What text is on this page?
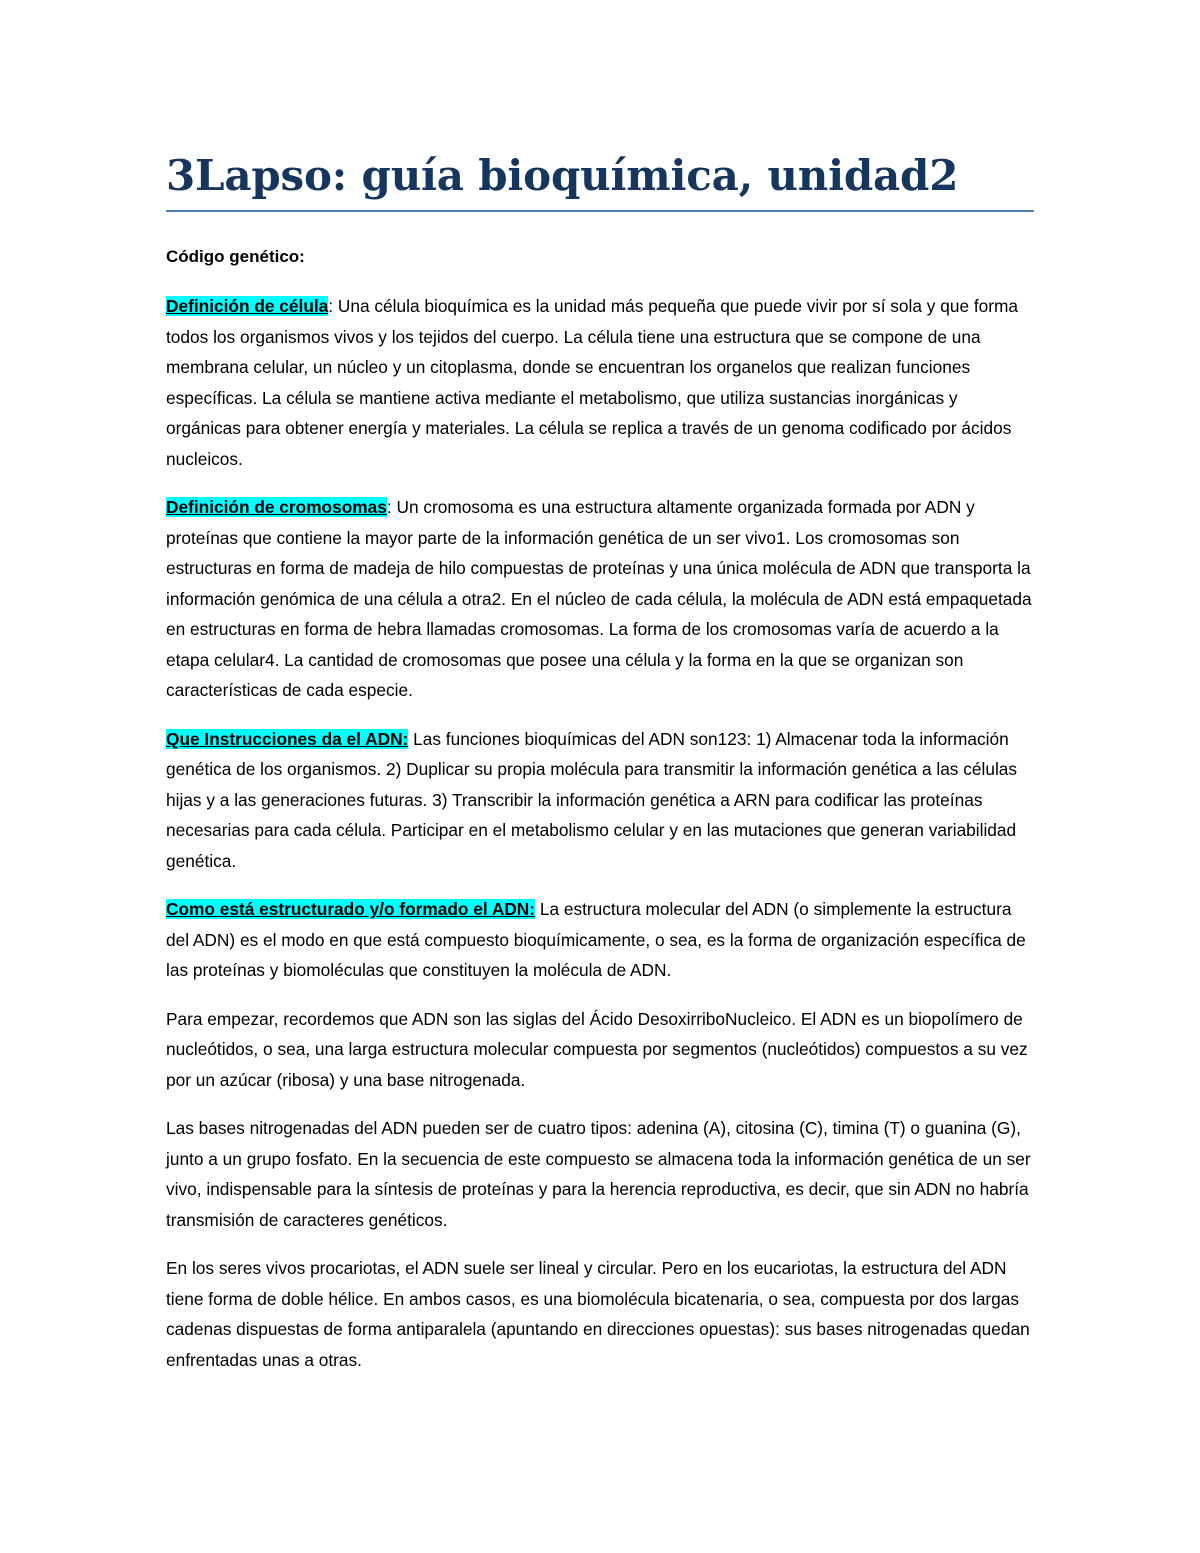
3Lapso: guía bioquímica, unidad2
Código genético:

Definición de célula: Una célula bioquímica es la unidad más pequeña que puede vivir por sí sola y que forma todos los organismos vivos y los tejidos del cuerpo. La célula tiene una estructura que se compone de una membrana celular, un núcleo y un citoplasma, donde se encuentran los organelos que realizan funciones específicas. La célula se mantiene activa mediante el metabolismo, que utiliza sustancias inorgánicas y orgánicas para obtener energía y materiales. La célula se replica a través de un genoma codificado por ácidos nucleicos.

Definición de cromosomas: Un cromosoma es una estructura altamente organizada formada por ADN y proteínas que contiene la mayor parte de la información genética de un ser vivo1. Los cromosomas son estructuras en forma de madeja de hilo compuestas de proteínas y una única molécula de ADN que transporta la información genómica de una célula a otra2. En el núcleo de cada célula, la molécula de ADN está empaquetada en estructuras en forma de hebra llamadas cromosomas. La forma de los cromosomas varía de acuerdo a la etapa celular4. La cantidad de cromosomas que posee una célula y la forma en la que se organizan son características de cada especie.

Que Instrucciones da el ADN: Las funciones bioquímicas del ADN son123: 1) Almacenar toda la información genética de los organismos. 2) Duplicar su propia molécula para transmitir la información genética a las células hijas y a las generaciones futuras. 3) Transcribir la información genética a ARN para codificar las proteínas necesarias para cada célula. Participar en el metabolismo celular y en las mutaciones que generan variabilidad genética.

Como está estructurado y/o formado el ADN: La estructura molecular del ADN (o simplemente la estructura del ADN) es el modo en que está compuesto bioquímicamente, o sea, es la forma de organización específica de las proteínas y biomoléculas que constituyen la molécula de ADN.

Para empezar, recordemos que ADN son las siglas del Ácido DesoxirriboNucleico. El ADN es un biopolímero de nucleótidos, o sea, una larga estructura molecular compuesta por segmentos (nucleótidos) compuestos a su vez por un azúcar (ribosa) y una base nitrogenada.

Las bases nitrogenadas del ADN pueden ser de cuatro tipos: adenina (A), citosina (C), timina (T) o guanina (G), junto a un grupo fosfato. En la secuencia de este compuesto se almacena toda la información genética de un ser vivo, indispensable para la síntesis de proteínas y para la herencia reproductiva, es decir, que sin ADN no habría transmisión de caracteres genéticos.

En los seres vivos procariotas, el ADN suele ser lineal y circular. Pero en los eucariotas, la estructura del ADN tiene forma de doble hélice. En ambos casos, es una biomolécula bicatenaria, o sea, compuesta por dos largas cadenas dispuestas de forma antiparalela (apuntando en direcciones opuestas): sus bases nitrogenadas quedan enfrentadas unas a otras.
